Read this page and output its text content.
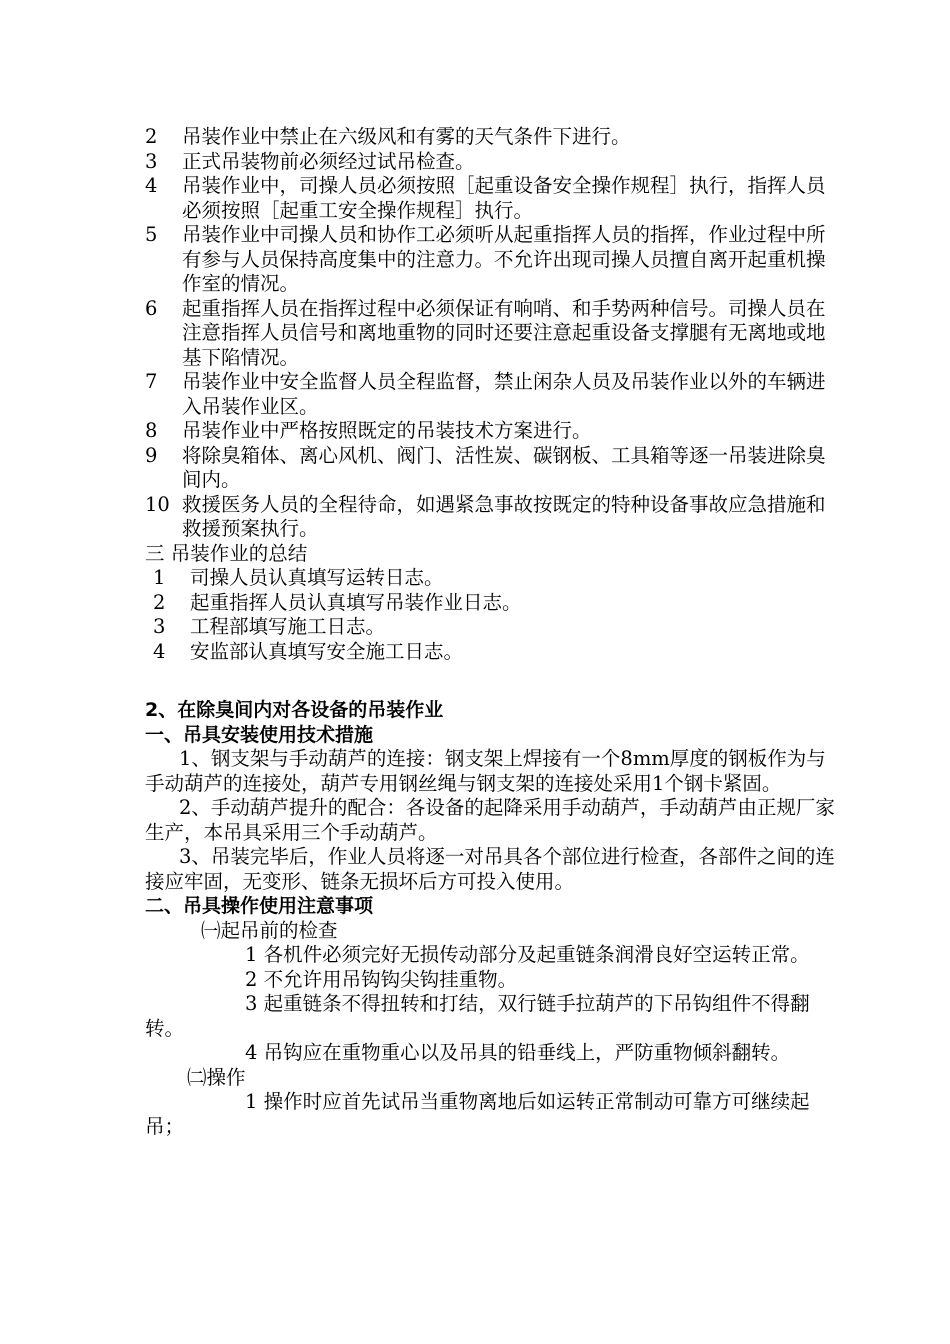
2	吊装作业中禁止在六级风和有雾的天气条件下进行。
3	正式吊装物前必须经过试吊检查。
4	吊装作业中，司操人员必须按照［起重设备安全操作规程］执行，指挥人员必须按照［起重工安全操作规程］执行。
5	吊装作业中司操人员和协作工必须听从起重指挥人员的指挥，作业过程中所有参与人员保持高度集中的注意力。不允许出现司操人员擅自离开起重机操作室的情况。
6	起重指挥人员在指挥过程中必须保证有响哨、和手势两种信号。司操人员在注意指挥人员信号和离地重物的同时还要注意起重设备支撑腿有无离地或地基下陷情况。
7	吊装作业中安全监督人员全程监督，禁止闲杂人员及吊装作业以外的车辆进入吊装作业区。
8	吊装作业中严格按照既定的吊装技术方案进行。
9	将除臭箱体、离心风机、阀门、活性炭、碳钢板、工具箱等逐一吊装进除臭间内。
10 救援医务人员的全程待命，如遇紧急事故按既定的特种设备事故应急措施和救援预案执行。
三 吊装作业的总结
1	司操人员认真填写运转日志。
2	起重指挥人员认真填写吊装作业日志。
3	工程部填写施工日志。
4	安监部认真填写安全施工日志。
2、在除臭间内对各设备的吊装作业
一、吊具安装使用技术措施
1、钢支架与手动葫芦的连接：钢支架上焊接有一个8mm厚度的钢板作为与手动葫芦的连接处，葫芦专用钢丝绳与钢支架的连接处采用1个钢卡紧固。
2、手动葫芦提升的配合：各设备的起降采用手动葫芦，手动葫芦由正规厂家生产，本吊具采用三个手动葫芦。
3、吊装完毕后，作业人员将逐一对吊具各个部位进行检查，各部件之间的连接应牢固，无变形、链条无损坏后方可投入使用。
二、吊具操作使用注意事项
㈠起吊前的检查
1 各机件必须完好无损传动部分及起重链条润滑良好空运转正常。
2 不允许用吊钩钩尖钩挂重物。
3 起重链条不得扭转和打结，双行链手拉葫芦的下吊钩组件不得翻转。
4 吊钩应在重物重心以及吊具的铅垂线上，严防重物倾斜翻转。
㈡操作
1 操作时应首先试吊当重物离地后如运转正常制动可靠方可继续起吊；
